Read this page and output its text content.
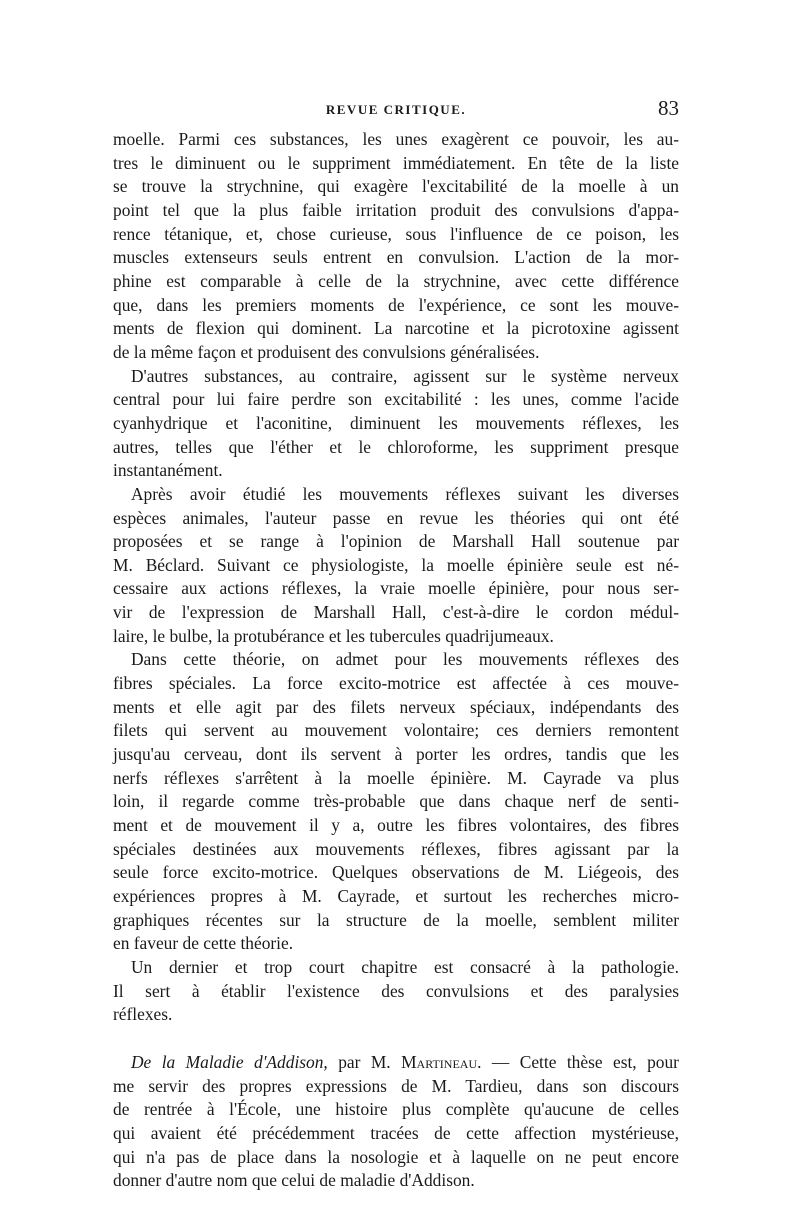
REVUE CRITIQUE.	83
moelle. Parmi ces substances, les unes exagèrent ce pouvoir, les au-
tres le diminuent ou le suppriment immédiatement. En tête de la liste
se trouve la strychnine, qui exagère l'excitabilité de la moelle à un
point tel que la plus faible irritation produit des convulsions d'appa-
rence tétanique, et, chose curieuse, sous l'influence de ce poison, les
muscles extenseurs seuls entrent en convulsion. L'action de la mor-
phine est comparable à celle de la strychnine, avec cette différence
que, dans les premiers moments de l'expérience, ce sont les mouve-
ments de flexion qui dominent. La narcotine et la picrotoxine agissent
de la même façon et produisent des convulsions généralisées.
D'autres substances, au contraire, agissent sur le système nerveux
central pour lui faire perdre son excitabilité : les unes, comme l'acide
cyanhydrique et l'aconitine, diminuent les mouvements réflexes, les
autres, telles que l'éther et le chloroforme, les suppriment presque
instantanément.
Après avoir étudié les mouvements réflexes suivant les diverses
espèces animales, l'auteur passe en revue les théories qui ont été
proposées et se range à l'opinion de Marshall Hall soutenue par
M. Béclard. Suivant ce physiologiste, la moelle épinière seule est né-
cessaire aux actions réflexes, la vraie moelle épinière, pour nous ser-
vir de l'expression de Marshall Hall, c'est-à-dire le cordon médul-
laire, le bulbe, la protubérance et les tubercules quadrijumeaux.
Dans cette théorie, on admet pour les mouvements réflexes des
fibres spéciales. La force excito-motrice est affectée à ces mouve-
ments et elle agit par des filets nerveux spéciaux, indépendants des
filets qui servent au mouvement volontaire; ces derniers remontent
jusqu'au cerveau, dont ils servent à porter les ordres, tandis que les
nerfs réflexes s'arrêtent à la moelle épinière. M. Cayrade va plus
loin, il regarde comme très-probable que dans chaque nerf de senti-
ment et de mouvement il y a, outre les fibres volontaires, des fibres
spéciales destinées aux mouvements réflexes, fibres agissant par la
seule force excito-motrice. Quelques observations de M. Liégeois, des
expériences propres à M. Cayrade, et surtout les recherches micro-
graphiques récentes sur la structure de la moelle, semblent militer
en faveur de cette théorie.
Un dernier et trop court chapitre est consacré à la pathologie.
Il sert à établir l'existence des convulsions et des paralysies
réflexes.
De la Maladie d'Addison, par M. Martineau. — Cette thèse est, pour
me servir des propres expressions de M. Tardieu, dans son discours
de rentrée à l'École, une histoire plus complète qu'aucune de celles
qui avaient été précédemment tracées de cette affection mystérieuse,
qui n'a pas de place dans la nosologie et à laquelle on ne peut encore
donner d'autre nom que celui de maladie d'Addison.
